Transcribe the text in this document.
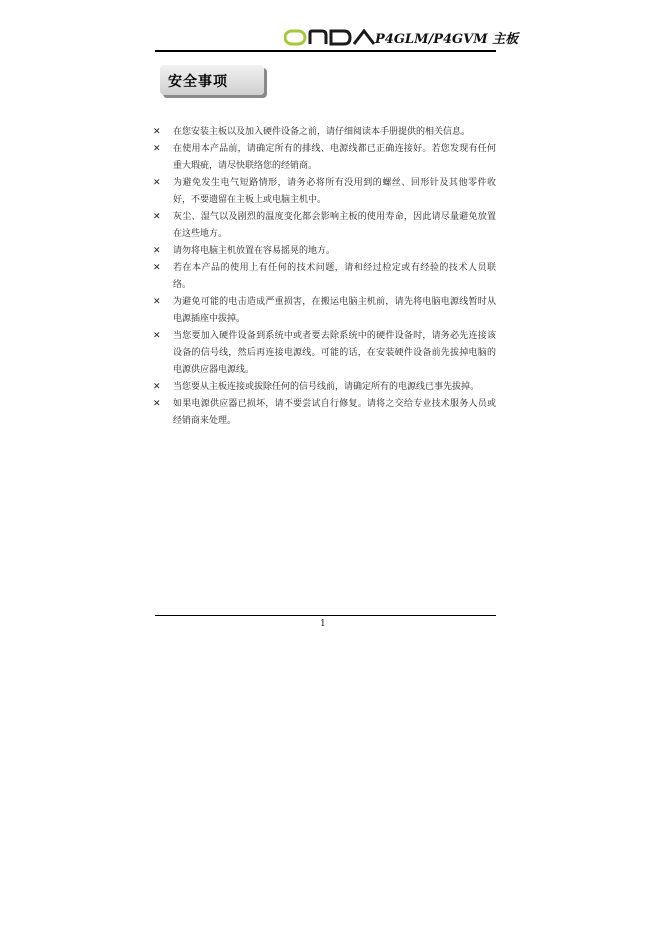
P4GLM/P4GVM 主板
安全事项
✕ 在您安装主板以及加入硬件设备之前，请仔细阅读本手册提供的相关信息。
✕ 在使用本产品前，请确定所有的排线、电源线都已正确连接好。若您发现有任何重大瑕疵，请尽快联络您的经销商。
✕ 为避免发生电气短路情形，请务必将所有没用到的螺丝、回形针及其他零件收好，不要遗留在主板上或电脑主机中。
✕ 灰尘、湿气以及剧烈的温度变化都会影响主板的使用寿命，因此请尽量避免放置在这些地方。
✕ 请勿将电脑主机放置在容易摇晃的地方。
✕ 若在本产品的使用上有任何的技术问题，请和经过检定或有经验的技术人员联络。
✕ 为避免可能的电击造成严重损害，在搬运电脑主机前，请先将电脑电源线暂时从电源插座中拔掉。
✕ 当您要加入硬件设备到系统中或者要去除系统中的硬件设备时，请务必先连接该设备的信号线，然后再连接电源线。可能的话，在安装硬件设备前先拔掉电脑的电源供应器电源线。
✕ 当您要从主板连接或拔除任何的信号线前，请确定所有的电源线已事先拔掉。
✕ 如果电源供应器已损坏，请不要尝试自行修复。请将之交给专业技术服务人员或经销商来处理。
1
